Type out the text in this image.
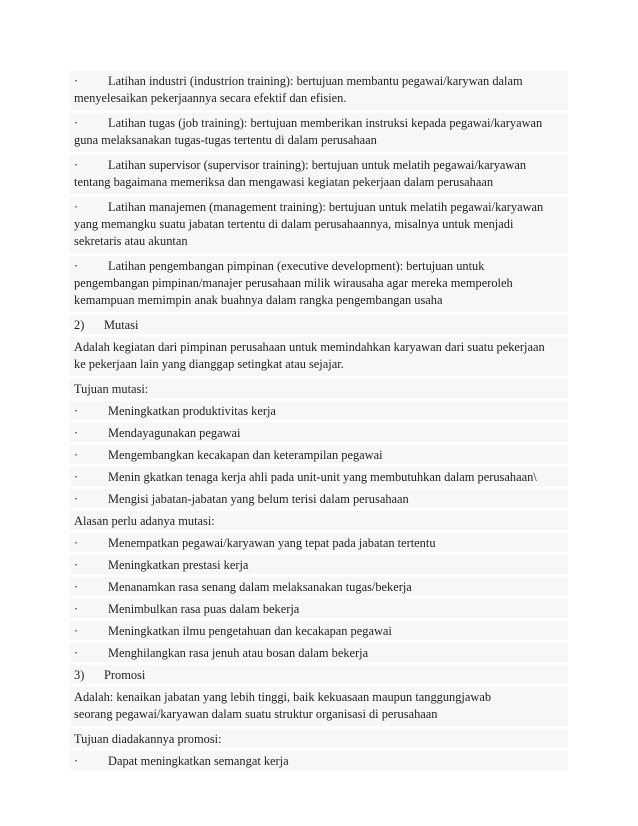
· Latihan industri (industrion training): bertujuan membantu pegawai/karywan dalam
menyelesaikan pekerjaannya secara efektif dan efisien.
· Latihan tugas (job training): bertujuan memberikan instruksi kepada pegawai/karyawan
guna melaksanakan tugas-tugas tertentu di dalam perusahaan
· Latihan supervisor (supervisor training): bertujuan untuk melatih pegawai/karyawan
tentang bagaimana memeriksa dan mengawasi kegiatan pekerjaan dalam perusahaan
· Latihan manajemen (management training): bertujuan untuk melatih pegawai/karyawan
yang memangku suatu jabatan tertentu di dalam perusahaannya, misalnya untuk menjadi
sekretaris atau akuntan
· Latihan pengembangan pimpinan (executive development): bertujuan untuk
pengembangan pimpinan/manajer perusahaan milik wirausaha agar mereka memperoleh
kemampuan memimpin anak buahnya dalam rangka pengembangan usaha
2) Mutasi
Adalah kegiatan dari pimpinan perusahaan untuk memindahkan karyawan dari suatu pekerjaan
ke pekerjaan lain yang dianggap setingkat atau sejajar.
Tujuan mutasi:
· Meningkatkan produktivitas kerja
· Mendayagunakan pegawai
· Mengembangkan kecakapan dan keterampilan pegawai
· Menin gkatkan tenaga kerja ahli pada unit-unit yang membutuhkan dalam perusahaan\
· Mengisi jabatan-jabatan yang belum terisi dalam perusahaan
Alasan perlu adanya mutasi:
· Menempatkan pegawai/karyawan yang tepat pada jabatan tertentu
· Meningkatkan prestasi kerja
· Menanamkan rasa senang dalam melaksanakan tugas/bekerja
· Menimbulkan rasa puas dalam bekerja
· Meningkatkan ilmu pengetahuan dan kecakapan pegawai
· Menghilangkan rasa jenuh atau bosan dalam bekerja
3) Promosi
Adalah: kenaikan jabatan yang lebih tinggi, baik kekuasaan maupun tanggungjawab
seorang pegawai/karyawan dalam suatu struktur organisasi di perusahaan
Tujuan diadakannya promosi:
· Dapat meningkatkan semangat kerja
